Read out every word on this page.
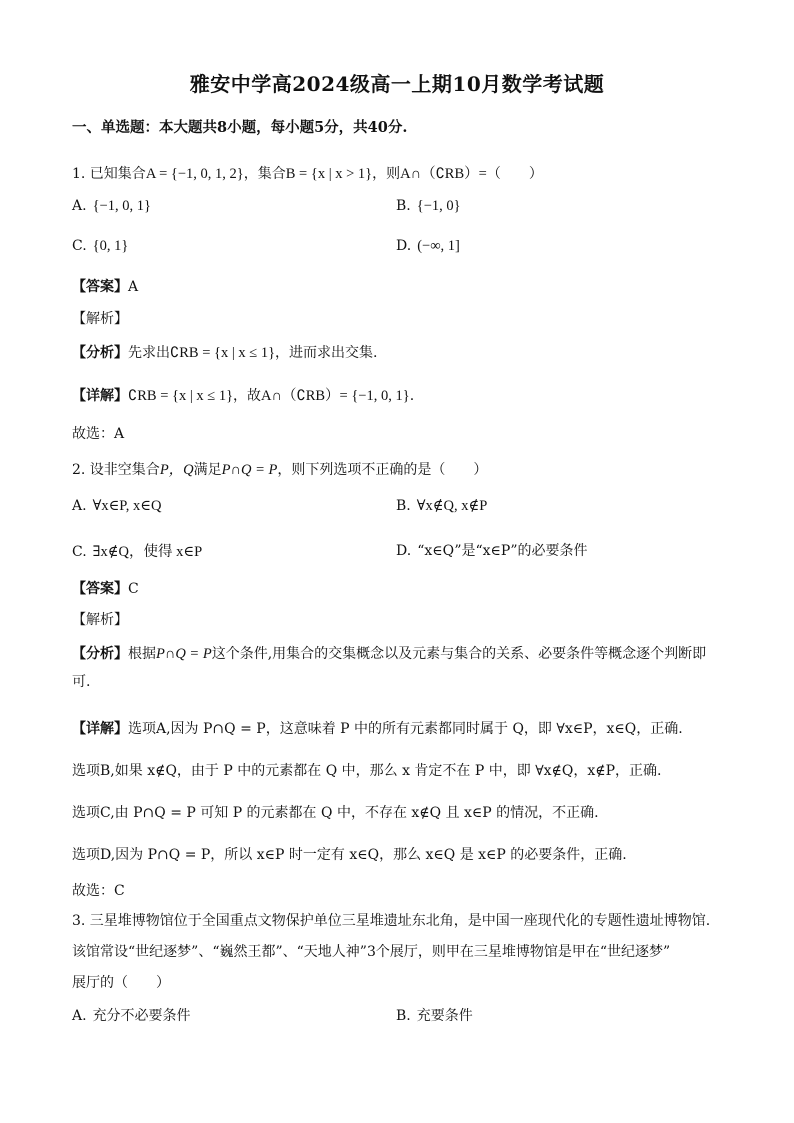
雅安中学高2024级高一上期10月数学考试题
一、单选题：本大题共8小题，每小题5分，共40分.
1. 已知集合A = {−1, 0, 1, 2}，集合B = {x | x > 1}，则A∩（∁RB）=（　　）
A. {−1, 0, 1}	B. {−1, 0}
C. {0, 1}	D. (−∞, 1]
【答案】A
【解析】
【分析】先求出∁RB = {x | x ≤ 1}，进而求出交集.
【详解】∁RB = {x | x ≤ 1}，故A∩（∁RB）= {−1, 0, 1}.
故选：A
2. 设非空集合P，Q满足P∩Q = P，则下列选项不正确的是（　　）
A. ∀x∈P, x∈Q	B. ∀x∉Q, x∉P
C. ∃x∉Q，使得 x∈P	D. “x∈Q”是“x∈P”的必要条件
【答案】C
【解析】
【分析】根据P∩Q = P这个条件,用集合的交集概念以及元素与集合的关系、必要条件等概念逐个判断即
可.
【详解】选项A,因为 P∩Q = P，这意味着 P 中的所有元素都同时属于 Q，即 ∀x∈P，x∈Q，正确.
选项B,如果 x∉Q，由于 P 中的元素都在 Q 中，那么 x 肯定不在 P 中，即 ∀x∉Q，x∉P，正确.
选项C,由 P∩Q = P 可知 P 的元素都在 Q 中，不存在 x∉Q 且 x∈P 的情况，不正确.
选项D,因为 P∩Q = P，所以 x∈P 时一定有 x∈Q，那么 x∈Q 是 x∈P 的必要条件，正确.
故选：C
3. 三星堆博物馆位于全国重点文物保护单位三星堆遗址东北角，是中国一座现代化的专题性遗址博物馆.
该馆常设“世纪逐梦”、“巍然王都”、“天地人神”3个展厅，则甲在三星堆博物馆是甲在“世纪逐梦”
展厅的（　　）
A. 充分不必要条件	B. 充要条件
